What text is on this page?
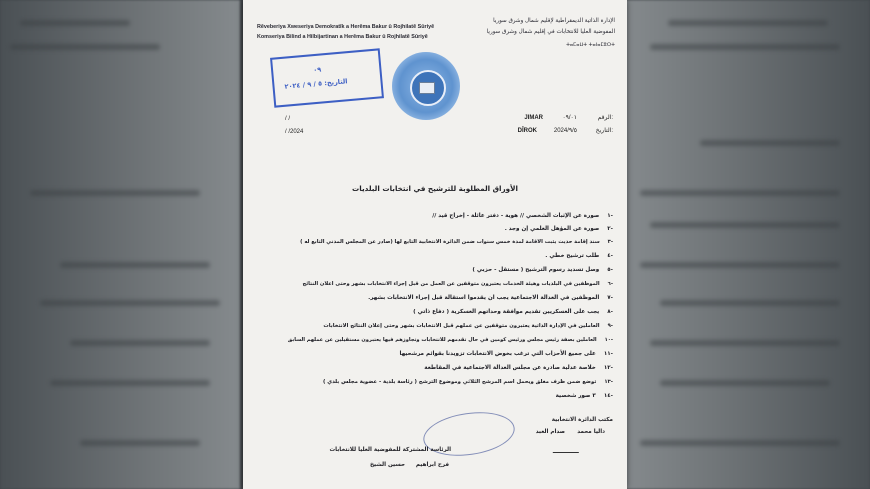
Rêveberiya Xweseriya Demokratîk a Herêma Bakur û Rojhilatê Sûriyê
Komseriya Bilind a Hilbijartinan a Herêma Bakur û Rojhilatê Sûriyê
الإدارة الذاتية الديمقراطية لإقليم شمال وشرق سوريا
المفوضية العليا للانتخابات في إقليم شمال وشرق سوريا
ⵜⴰⵎⴰⵡⵜ ⵜⴰⵏⴰⵎⵓⵔⵜ
٠٩
التاريخ: ٥ / ٩ / ٢٠٢٤
/ /
/ /2024
الرقم:
٠٩/٠١
JIMAR
التاريخ:
2024/٩/٥
DÎROK
الأوراق المطلوبة للترشيح في انتخابات البلديات
-١صورة عن الإثبات الشخصي // هوية - دفتر عائلة - إخراج قيد //
-٢صورة عن المؤهل العلمي إن وجد .
-٣سند إقامة حديث يثبت الاقامة لمدة خمس سنوات ضمن الدائرة الانتخابية التابع لها (صادر عن المجلس المدني التابع له )
-٤طلب ترشيح خطي .
-٥وصل تسديد رسوم الترشيح ( مستقل - حزبي )
-٦الموظفين في البلديات وهيئة الخدمات يعتبرون متوقفين عن العمل من قبل إجراء الانتخابات بشهر وحتى اعلان النتائج
-٧الموظفين في العدالة الاجتماعية يجب ان يقدموا استقالة قبل إجراء الانتخابات بشهر.
-٨يجب على العسكريين تقديم موافقة وحداتهم العسكرية ( دفاع ذاتي )
-٩العاملين في الإدارة الذاتية يعتبرون متوقفين عن عملهم قبل الانتخابات بشهر وحتى إعلان النتائج الانتخابات
-١٠العاملين بصفة رئيس مجلس ورئيس كومين في حال تقدمهم للانتخابات وتجاوزهم فيها يعتبرون مستقيلين عن عملهم السابق
-١١على جميع الأحزاب التي ترغب بخوض الانتخابات تزويدنا بقوائم مرشحيها
-١٢خلاصة عدلية صادرة عن مجلس العدالة الاجتماعية في المقاطعة
-١٣توضع ضمن ظرف مغلق ويحمل اسم المرشح الثلاثي وموضوع الترشح ( رئاسة بلدية - عضوية مجلس بلدي )
-١٤٣ صور شخصية
مكتب الدائرة الانتخابية
داليا محمد
صدام العبد
الرئاسة المشتركة للمفوضية العليا للانتخابات
حسين الشيخ فرح ابراهيم
